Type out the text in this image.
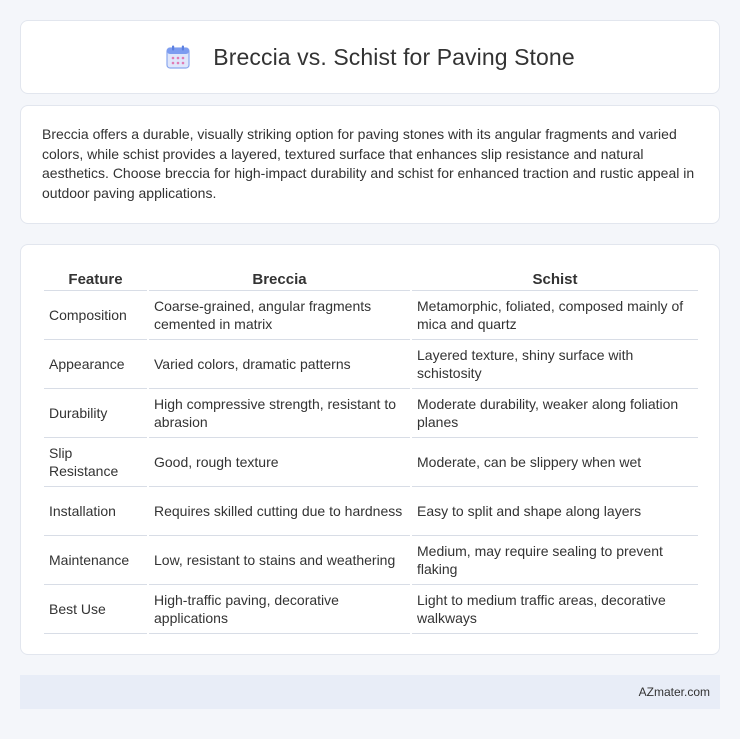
Breccia vs. Schist for Paving Stone

Breccia offers a durable, visually striking option for paving stones with its angular fragments and varied colors, while schist provides a layered, textured surface that enhances slip resistance and natural aesthetics. Choose breccia for high-impact durability and schist for enhanced traction and rustic appeal in outdoor paving applications.

Feature	Breccia	Schist
Composition	Coarse-grained, angular fragments cemented in matrix	Metamorphic, foliated, composed mainly of mica and quartz
Appearance	Varied colors, dramatic patterns	Layered texture, shiny surface with schistosity
Durability	High compressive strength, resistant to abrasion	Moderate durability, weaker along foliation planes
Slip Resistance	Good, rough texture	Moderate, can be slippery when wet
Installation	Requires skilled cutting due to hardness	Easy to split and shape along layers
Maintenance	Low, resistant to stains and weathering	Medium, may require sealing to prevent flaking
Best Use	High-traffic paving, decorative applications	Light to medium traffic areas, decorative walkways
AZmater.com
